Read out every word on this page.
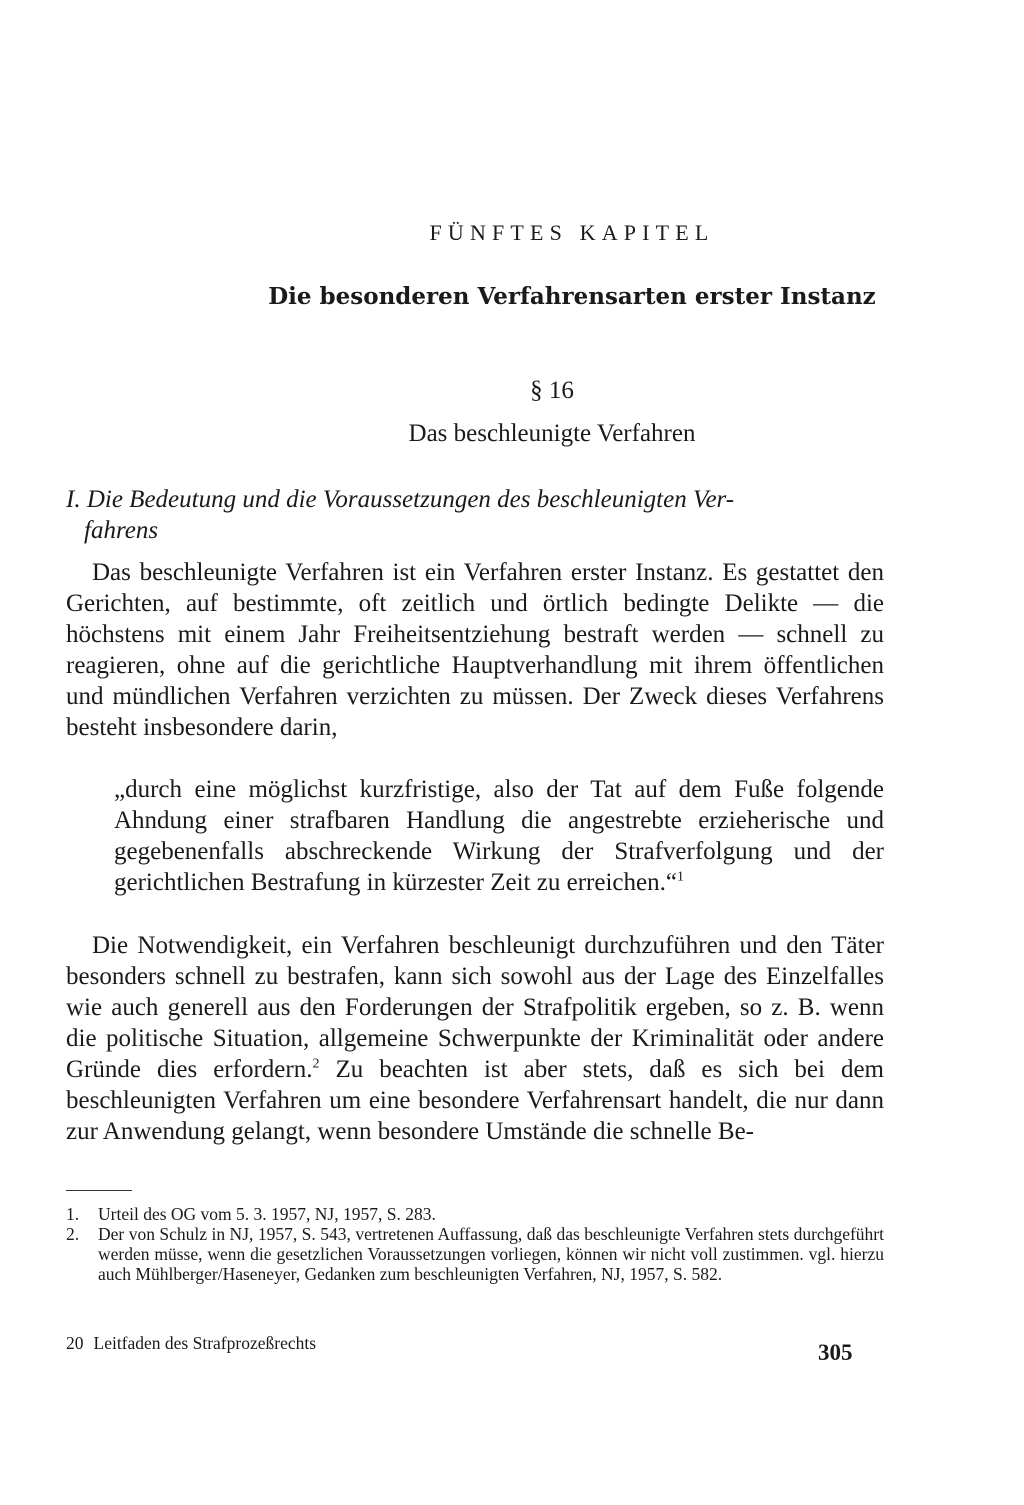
FÜNFTES KAPITEL
Die besonderen Verfahrensarten erster Instanz
§ 16
Das beschleunigte Verfahren
I. Die Bedeutung und die Voraussetzungen des beschleunigten Ver-
fahrens
Das beschleunigte Verfahren ist ein Verfahren erster Instanz. Es gestattet den Gerichten, auf bestimmte, oft zeitlich und örtlich bedingte Delikte — die höchstens mit einem Jahr Freiheitsentziehung bestraft werden — schnell zu reagieren, ohne auf die gerichtliche Hauptverhandlung mit ihrem öffentlichen und mündlichen Verfahren verzichten zu müssen. Der Zweck dieses Verfahrens besteht insbesondere darin,
„durch eine möglichst kurzfristige, also der Tat auf dem Fuße folgende Ahndung einer strafbaren Handlung die angestrebte erzieherische und gegebenenfalls abschreckende Wirkung der Strafverfolgung und der gerichtlichen Bestrafung in kürzester Zeit zu erreichen.“$^1$
Die Notwendigkeit, ein Verfahren beschleunigt durchzuführen und den Täter besonders schnell zu bestrafen, kann sich sowohl aus der Lage des Einzelfalles wie auch generell aus den Forderungen der Strafpolitik ergeben, so z. B. wenn die politische Situation, allgemeine Schwerpunkte der Kriminalität oder andere Gründe dies erfordern.$^2$ Zu beachten ist aber stets, daß es sich bei dem beschleunigten Verfahren um eine besondere Verfahrensart handelt, die nur dann zur Anwendung gelangt, wenn besondere Umstände die schnelle Be-
1.	Urteil des OG vom 5. 3. 1957, NJ, 1957, S. 283.
2.	Der von Schulz in NJ, 1957, S. 543, vertretenen Auffassung, daß das beschleunigte Verfahren stets durchgeführt werden müsse, wenn die gesetzlichen Voraussetzungen vorliegen, können wir nicht voll zustimmen. vgl. hierzu auch Mühlberger/Haseneyer, Gedanken zum beschleunigten Verfahren, NJ, 1957, S. 582.
20 Leitfaden des Strafprozeßrechts	305
